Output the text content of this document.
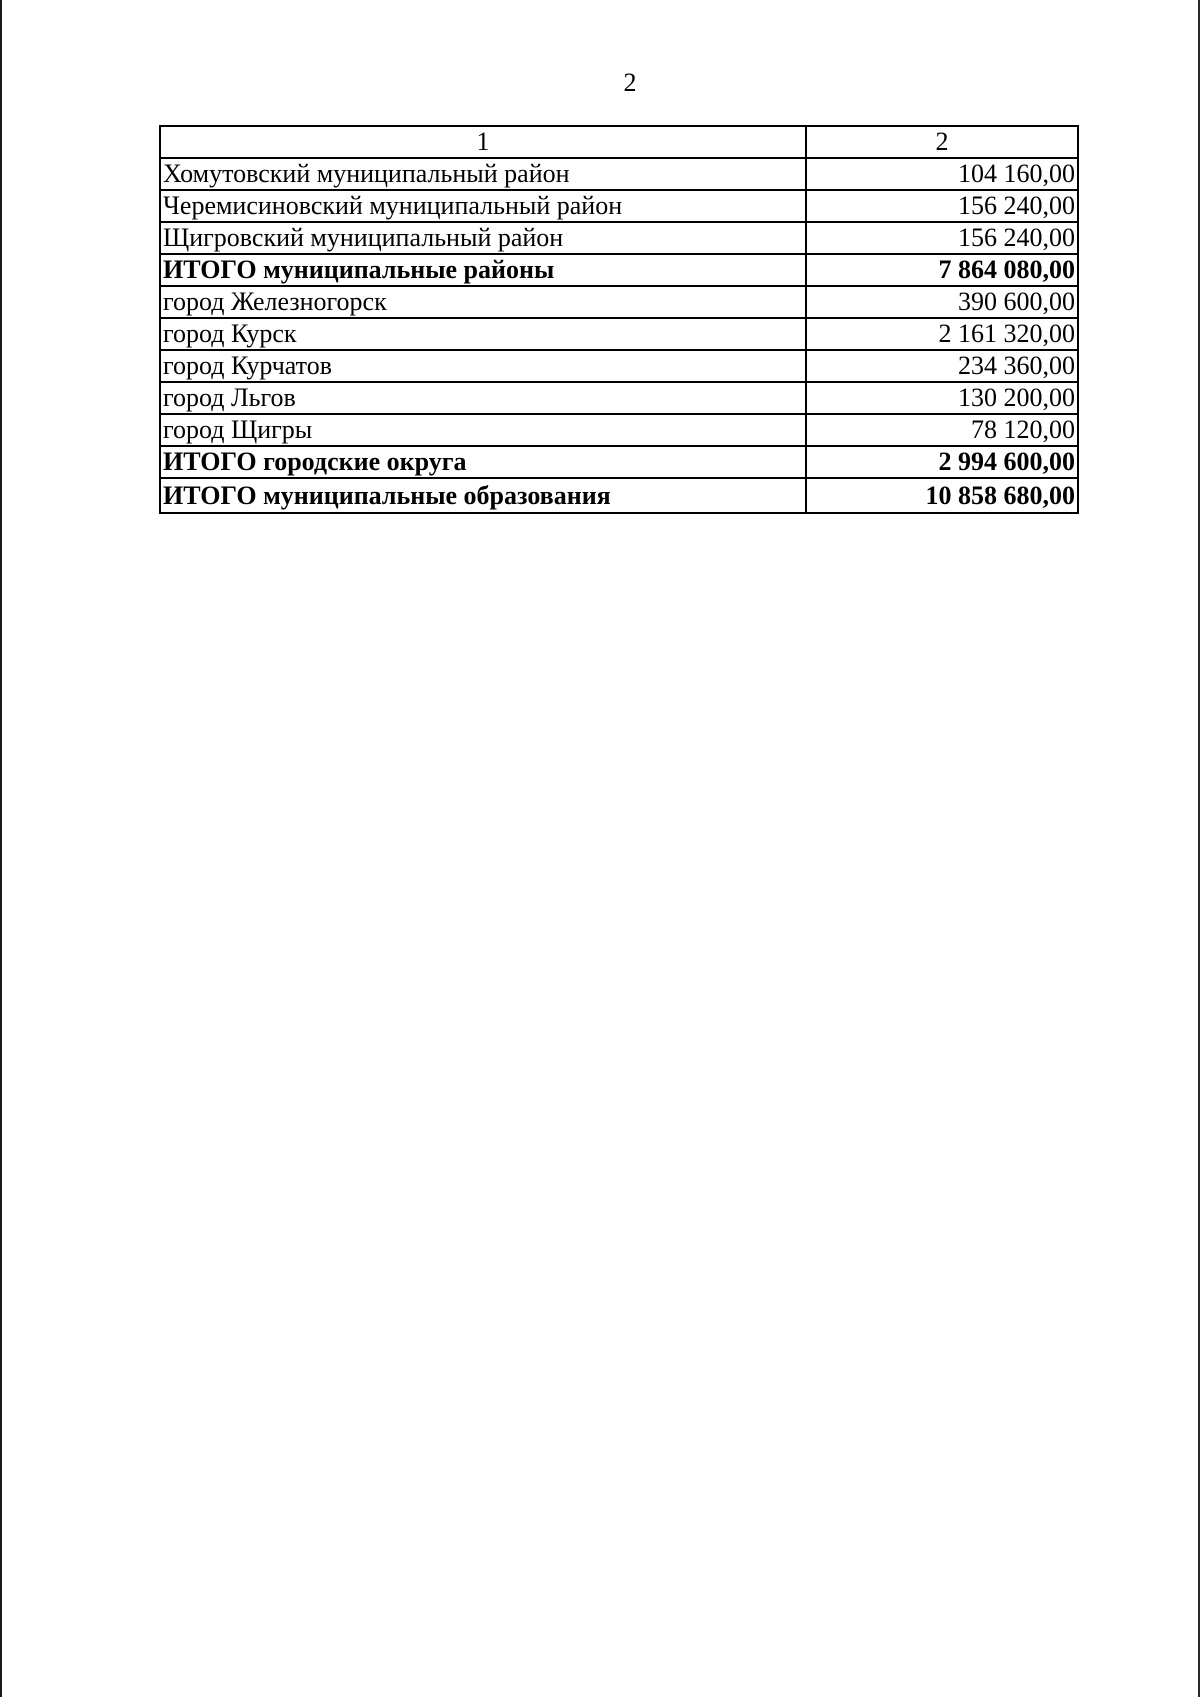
2
1	2
Хомутовский муниципальный район	104 160,00
Черемисиновский муниципальный район	156 240,00
Щигровский муниципальный район	156 240,00
ИТОГО муниципальные районы	7 864 080,00
город Железногорск	390 600,00
город Курск	2 161 320,00
город Курчатов	234 360,00
город Льгов	130 200,00
город Щигры	78 120,00
ИТОГО городские округа	2 994 600,00
ИТОГО муниципальные образования	10 858 680,00
